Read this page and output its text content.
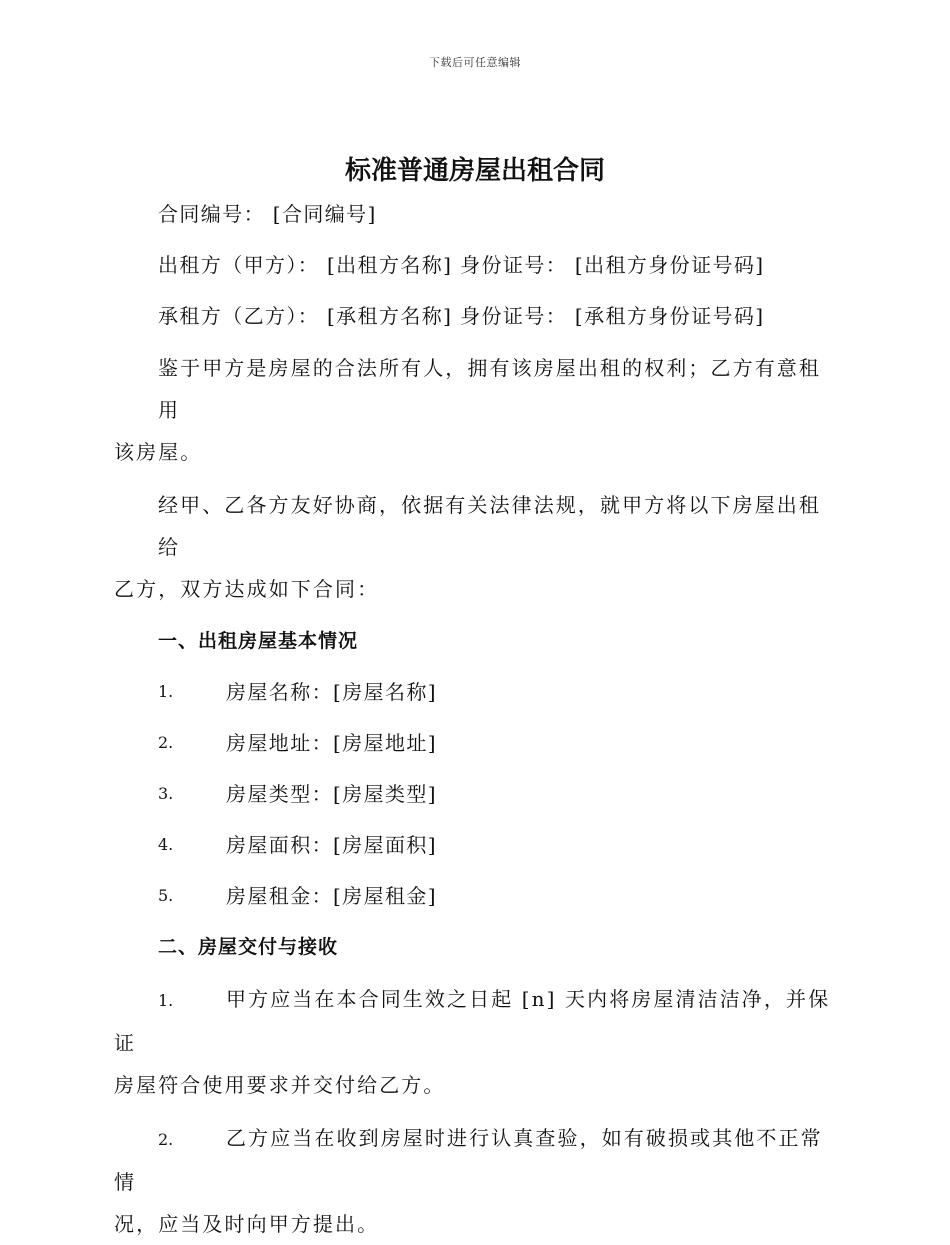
下载后可任意编辑
标准普通房屋出租合同

合同编号： [合同编号]

出租方（甲方）： [出租方名称] 身份证号： [出租方身份证号码]

承租方（乙方）： [承租方名称] 身份证号： [承租方身份证号码]

鉴于甲方是房屋的合法所有人，拥有该房屋出租的权利；乙方有意租用
该房屋。
经甲、乙各方友好协商，依据有关法律法规，就甲方将以下房屋出租给
乙方，双方达成如下合同：

一、出租房屋基本情况

1.	房屋名称：[房屋名称]
2.	房屋地址：[房屋地址]
3.	房屋类型：[房屋类型]
4.	房屋面积：[房屋面积]
5.	房屋租金：[房屋租金]

二、房屋交付与接收

1.	甲方应当在本合同生效之日起 [n] 天内将房屋清洁洁净，并保证
房屋符合使用要求并交付给乙方。
2.	乙方应当在收到房屋时进行认真查验，如有破损或其他不正常情
况，应当及时向甲方提出。
